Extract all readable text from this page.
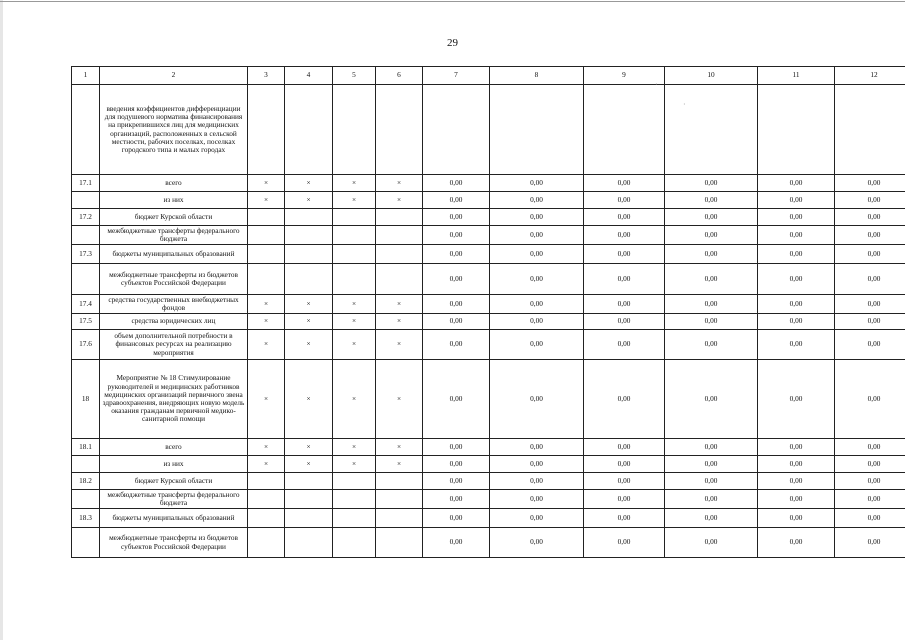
29
1	2	3	4	5	6	7	8	9	10	11	12
	введения коэффициентов дифференциации для подушевого норматива финансирования на прикрепившихся лиц для медицинских организаций, расположенных в сельской местности, рабочих поселках, поселках городского типа и малых городах										
17.1	всего	×	×	×	×	0,00	0,00	0,00	0,00	0,00	0,00
	из них	×	×	×	×	0,00	0,00	0,00	0,00	0,00	0,00
17.2	бюджет Курской области					0,00	0,00	0,00	0,00	0,00	0,00
	межбюджетные трансферты федерального бюджета					0,00	0,00	0,00	0,00	0,00	0,00
17.3	бюджеты муниципальных образований					0,00	0,00	0,00	0,00	0,00	0,00
	межбюджетные трансферты из бюджетов субъектов Российской Федерации					0,00	0,00	0,00	0,00	0,00	0,00
17.4	средства государственных внебюджетных фондов	×	×	×	×	0,00	0,00	0,00	0,00	0,00	0,00
17.5	средства юридических лиц	×	×	×	×	0,00	0,00	0,00	0,00	0,00	0,00
17.6	объем дополнительной потребности в финансовых ресурсах на реализацию мероприятия	×	×	×	×	0,00	0,00	0,00	0,00	0,00	0,00
18	Мероприятие № 18 Стимулирование руководителей и медицинских работников медицинских организаций первичного звена здравоохранения, внедряющих новую модель оказания гражданам первичной медико-санитарной помощи	×	×	×	×	0,00	0,00	0,00	0,00	0,00	0,00
18.1	всего	×	×	×	×	0,00	0,00	0,00	0,00	0,00	0,00
	из них	×	×	×	×	0,00	0,00	0,00	0,00	0,00	0,00
18.2	бюджет Курской области					0,00	0,00	0,00	0,00	0,00	0,00
	межбюджетные трансферты федерального бюджета					0,00	0,00	0,00	0,00	0,00	0,00
18.3	бюджеты муниципальных образований					0,00	0,00	0,00	0,00	0,00	0,00
	межбюджетные трансферты из бюджетов субъектов Российской Федерации					0,00	0,00	0,00	0,00	0,00	0,00
·
·
